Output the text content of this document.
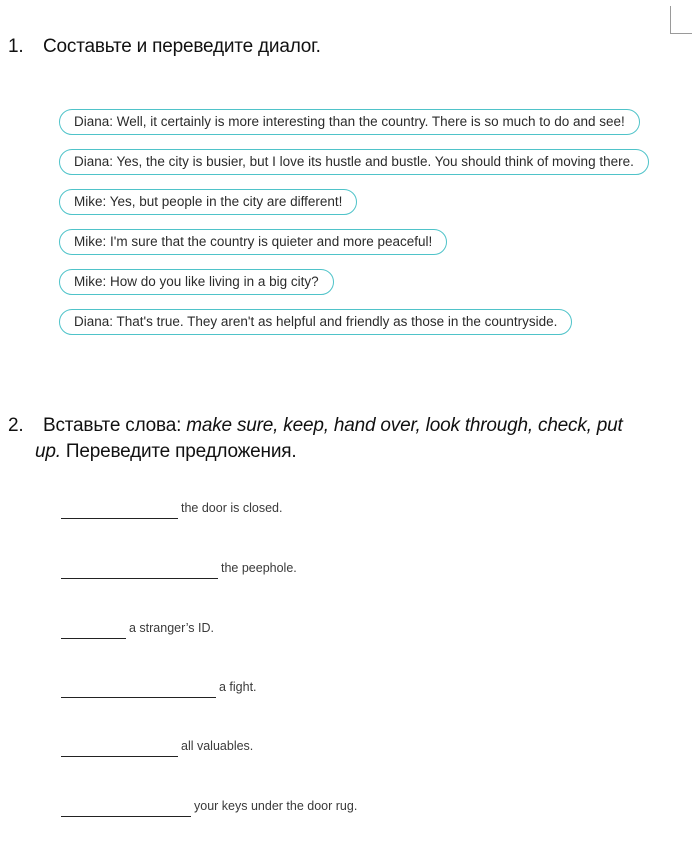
1. Составьте и переведите диалог.
Diana: Well, it certainly is more interesting than the country. There is so much to do and see!
Diana: Yes, the city is busier, but I love its hustle and bustle. You should think of moving there.
Mike: Yes, but people in the city are different!
Mike: I'm sure that the country is quieter and more peaceful!
Mike: How do you like living in a big city?
Diana: That's true. They aren't as helpful and friendly as those in the countryside.
2. Вставьте слова: make sure, keep, hand over, look through, check, put
up. Переведите предложения.
the door is closed.
the peephole.
a stranger’s ID.
a fight.
all valuables.
your keys under the door rug.
